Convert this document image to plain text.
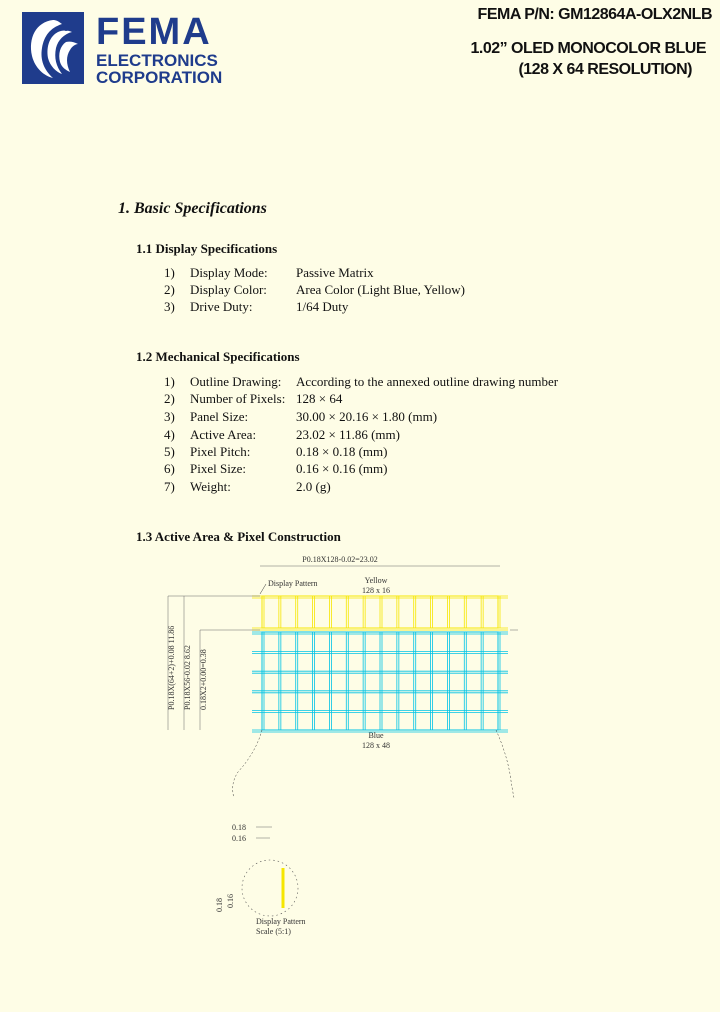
FEMA
ELECTRONICS
CORPORATION
FEMA P/N: GM12864A-OLX2NLB
1.02” OLED MONOCOLOR BLUE
(128 X 64 RESOLUTION)
1. Basic Specifications
1.1 Display Specifications
1) Display Mode: Passive Matrix
2) Display Color: Area Color (Light Blue, Yellow)
3) Drive Duty:	1/64 Duty
1.2 Mechanical Specifications
1) Outline Drawing: According to the annexed outline drawing number
2) Number of Pixels: 128 × 64
3) Panel Size:	30.00 × 20.16 × 1.80 (mm)
4) Active Area:	23.02 × 11.86 (mm)
5) Pixel Pitch:	0.18 × 0.18 (mm)
6) Pixel Size:	0.16 × 0.16 (mm)
7) Weight:	2.0 (g)
1.3 Active Area & Pixel Construction
P0.18X128-0.02=23.02
Display Pattern	Yellow
128 x 16
P0.18X(64+2)+0.08 11.86 P0.18X56-0.02 8.62 0.18X2+0.00=0.38
Blue
128 x 48
0.18
0.16
0.18 0.16
Display Pattern
Scale (5:1)
